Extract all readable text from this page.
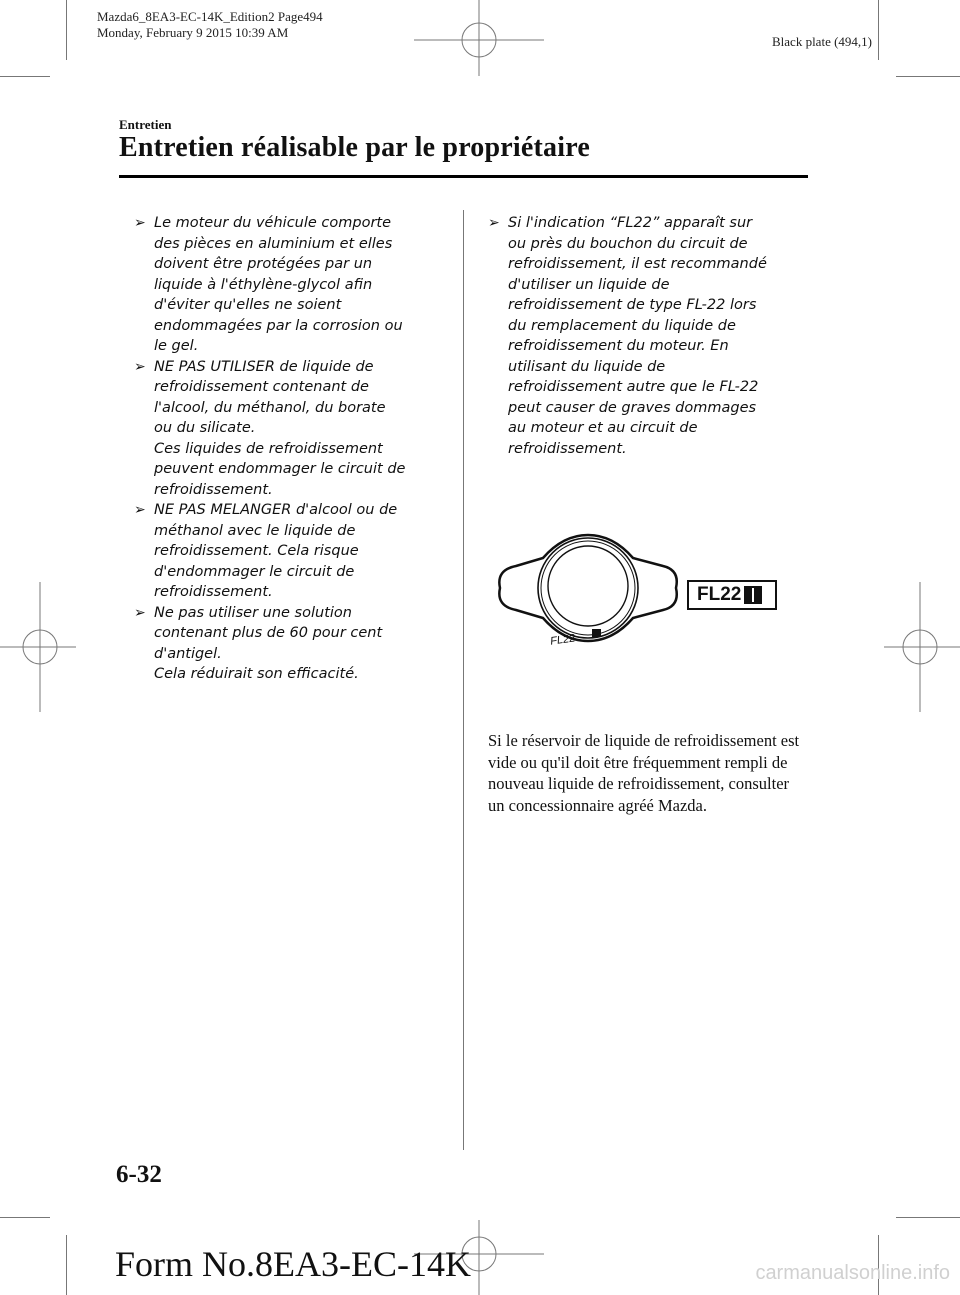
Mazda6_8EA3-EC-14K_Edition2 Page494
Monday, February 9 2015 10:39 AM
Black plate (494,1)
Entretien
Entretien réalisable par le propriétaire
➢ Le moteur du véhicule comporte
des pièces en aluminium et elles
doivent être protégées par un
liquide à l'éthylène-glycol afin
d'éviter qu'elles ne soient
endommagées par la corrosion ou
le gel.
➢ NE PAS UTILISER de liquide de
refroidissement contenant de
l'alcool, du méthanol, du borate
ou du silicate.
Ces liquides de refroidissement
peuvent endommager le circuit de
refroidissement.
➢ NE PAS MELANGER d'alcool ou de
méthanol avec le liquide de
refroidissement. Cela risque
d'endommager le circuit de
refroidissement.
➢ Ne pas utiliser une solution
contenant plus de 60 pour cent
d'antigel.
Cela réduirait son efficacité.
➢ Si l'indication “FL22” apparaît sur
ou près du bouchon du circuit de
refroidissement, il est recommandé
d'utiliser un liquide de
refroidissement de type FL-22 lors
du remplacement du liquide de
refroidissement du moteur. En
utilisant du liquide de
refroidissement autre que le FL-22
peut causer de graves dommages
au moteur et au circuit de
refroidissement.
FL22
FL22
Si le réservoir de liquide de refroidissement est vide ou qu'il doit être fréquemment rempli de nouveau liquide de refroidissement, consulter un concessionnaire agréé Mazda.
6-32
Form No.8EA3-EC-14K	carmanualsonline.info
